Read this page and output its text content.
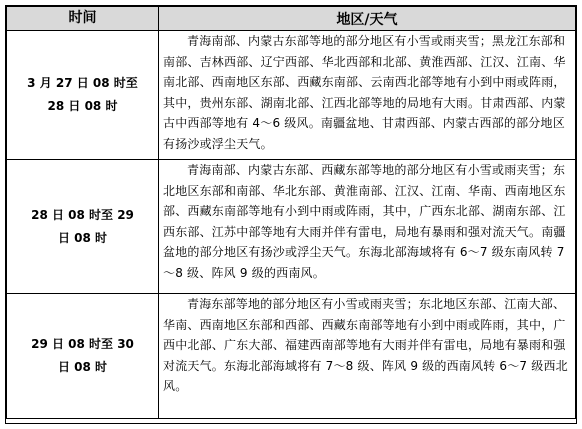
时间	地区/天气

3 月 27 日 08 时至
28 日 08 时	青海南部、内蒙古东部等地的部分地区有小雪或雨夹雪；黑龙江东部和南部、吉林西部、辽宁西部、华北西部和北部、黄淮西部、江汉、江南、华南北部、西南地区东部、西藏东南部、云南西北部等地有小到中雨或阵雨，其中，贵州东部、湖南北部、江西北部等地的局地有大雨。甘肃西部、内蒙古中西部等地有 4～6 级风。南疆盆地、甘肃西部、内蒙古西部的部分地区有扬沙或浮尘天气。

28 日 08 时至 29
日 08 时	青海南部、内蒙古东部、西藏东部等地的部分地区有小雪或雨夹雪；东北地区东部和南部、华北东部、黄淮南部、江汉、江南、华南、西南地区东部、西藏东南部等地有小到中雨或阵雨，其中，广西东北部、湖南东部、江西东部、江苏中部等地有大雨并伴有雷电，局地有暴雨和强对流天气。南疆盆地的部分地区有扬沙或浮尘天气。东海北部海域将有 6～7 级东南风转 7～8 级、阵风 9 级的西南风。

29 日 08 时至 30
日 08 时	青海东部等地的部分地区有小雪或雨夹雪；东北地区东部、江南大部、华南、西南地区东部和西部、西藏东南部等地有小到中雨或阵雨，其中，广西中北部、广东大部、福建西南部等地有大雨并伴有雷电，局地有暴雨和强对流天气。东海北部海域将有 7～8 级、阵风 9 级的西南风转 6～7 级西北风。
